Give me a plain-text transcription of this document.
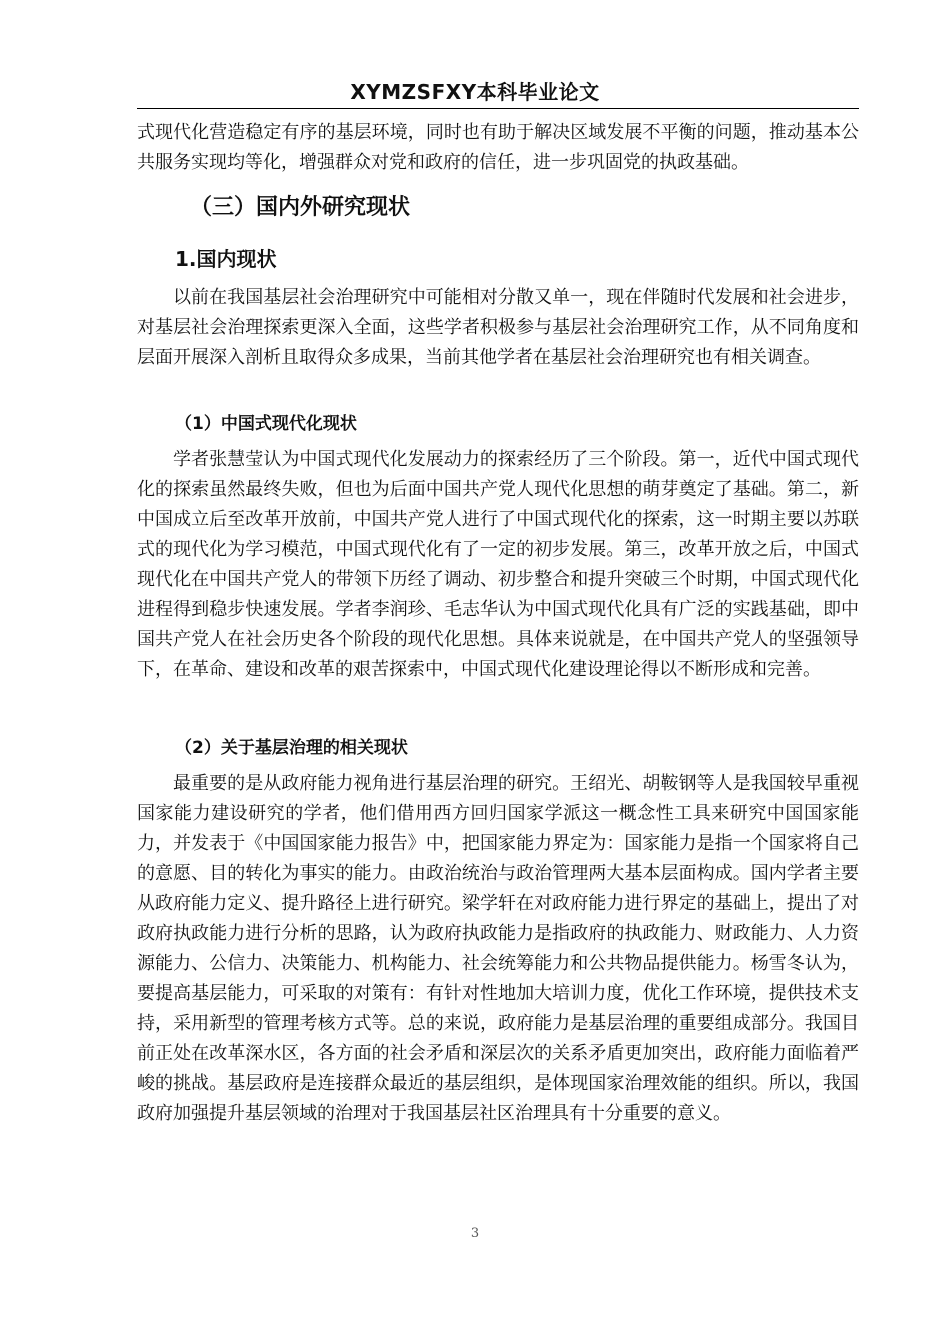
XYMZSFXY本科毕业论文

式现代化营造稳定有序的基层环境，同时也有助于解决区域发展不平衡的问题，推动基本公共服务实现均等化，增强群众对党和政府的信任，进一步巩固党的执政基础。

（三）国内外研究现状
1.国内现状

以前在我国基层社会治理研究中可能相对分散又单一，现在伴随时代发展和社会进步，对基层社会治理探索更深入全面，这些学者积极参与基层社会治理研究工作，从不同角度和层面开展深入剖析且取得众多成果，当前其他学者在基层社会治理研究也有相关调查。

（1）中国式现代化现状

学者张慧莹认为中国式现代化发展动力的探索经历了三个阶段。第一，近代中国式现代化的探索虽然最终失败，但也为后面中国共产党人现代化思想的萌芽奠定了基础。第二，新中国成立后至改革开放前，中国共产党人进行了中国式现代化的探索，这一时期主要以苏联式的现代化为学习模范，中国式现代化有了一定的初步发展。第三，改革开放之后，中国式现代化在中国共产党人的带领下历经了调动、初步整合和提升突破三个时期，中国式现代化进程得到稳步快速发展。学者李润珍、毛志华认为中国式现代化具有广泛的实践基础，即中国共产党人在社会历史各个阶段的现代化思想。具体来说就是，在中国共产党人的坚强领导下，在革命、建设和改革的艰苦探索中，中国式现代化建设理论得以不断形成和完善。

（2）关于基层治理的相关现状

最重要的是从政府能力视角进行基层治理的研究。王绍光、胡鞍钢等人是我国较早重视国家能力建设研究的学者，他们借用西方回归国家学派这一概念性工具来研究中国国家能力，并发表于《中国国家能力报告》中，把国家能力界定为：国家能力是指一个国家将自己的意愿、目的转化为事实的能力。由政治统治与政治管理两大基本层面构成。国内学者主要从政府能力定义、提升路径上进行研究。梁学轩在对政府能力进行界定的基础上，提出了对政府执政能力进行分析的思路，认为政府执政能力是指政府的执政能力、财政能力、人力资源能力、公信力、决策能力、机构能力、社会统筹能力和公共物品提供能力。杨雪冬认为，要提高基层能力，可采取的对策有：有针对性地加大培训力度，优化工作环境，提供技术支持，采用新型的管理考核方式等。总的来说，政府能力是基层治理的重要组成部分。我国目前正处在改革深水区，各方面的社会矛盾和深层次的关系矛盾更加突出，政府能力面临着严峻的挑战。基层政府是连接群众最近的基层组织，是体现国家治理效能的组织。所以，我国政府加强提升基层领域的治理对于我国基层社区治理具有十分重要的意义。

3
